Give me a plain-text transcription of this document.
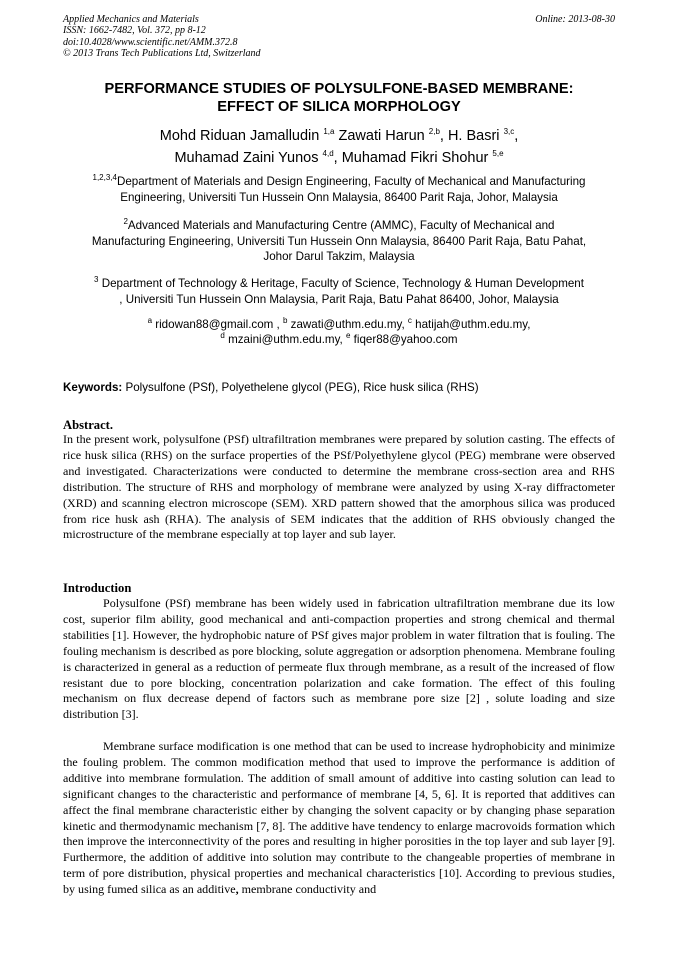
Applied Mechanics and Materials
ISSN: 1662-7482, Vol. 372, pp 8-12
doi:10.4028/www.scientific.net/AMM.372.8
© 2013 Trans Tech Publications Ltd, Switzerland
Online: 2013-08-30
PERFORMANCE STUDIES OF POLYSULFONE-BASED MEMBRANE:
EFFECT OF SILICA MORPHOLOGY
Mohd Riduan Jamalludin $^{1,a}$ Zawati Harun $^{2,b}$, H. Basri $^{3,c}$,
Muhamad Zaini Yunos $^{4,d}$, Muhamad Fikri Shohur $^{5,e}$
$^{1,2,3,4}$Department of Materials and Design Engineering, Faculty of Mechanical and Manufacturing
Engineering, Universiti Tun Hussein Onn Malaysia, 86400 Parit Raja, Johor, Malaysia
$^2$Advanced Materials and Manufacturing Centre (AMMC), Faculty of Mechanical and
Manufacturing Engineering, Universiti Tun Hussein Onn Malaysia, 86400 Parit Raja, Batu Pahat,
Johor Darul Takzim, Malaysia
$^3$ Department of Technology & Heritage, Faculty of Science, Technology & Human Development
, Universiti Tun Hussein Onn Malaysia, Parit Raja, Batu Pahat 86400, Johor, Malaysia
$^a$ ridowan88@gmail.com , $^b$ zawati@uthm.edu.my, $^c$ hatijah@uthm.edu.my,
$^d$ mzaini@uthm.edu.my, $^e$ fiqer88@yahoo.com
Keywords: Polysulfone (PSf), Polyethelene glycol (PEG), Rice husk silica (RHS)
Abstract.
In the present work, polysulfone (PSf) ultrafiltration membranes were prepared by solution casting. The effects of rice husk silica (RHS) on the surface properties of the PSf/Polyethylene glycol (PEG) membrane were observed and investigated. Characterizations were conducted to determine the membrane cross-section area and RHS distribution. The structure of RHS and morphology of membrane were analyzed by using X-ray diffractometer (XRD) and scanning electron microscope (SEM). XRD pattern showed that the amorphous silica was produced from rice husk ash (RHA). The analysis of SEM indicates that the addition of RHS obviously changed the microstructure of the membrane especially at top layer and sub layer.
Introduction
Polysulfone (PSf) membrane has been widely used in fabrication ultrafiltration membrane due its low cost, superior film ability, good mechanical and anti-compaction properties and strong chemical and thermal stabilities [1]. However, the hydrophobic nature of PSf gives major problem in water filtration that is fouling. The fouling mechanism is described as pore blocking, solute aggregation or adsorption phenomena. Membrane fouling is characterized in general as a reduction of permeate flux through membrane, as a result of the increased of flow resistant due to pore blocking, concentration polarization and cake formation. The effect of this fouling mechanism on flux decrease depend of factors such as membrane pore size [2] , solute loading and size distribution [3].
Membrane surface modification is one method that can be used to increase hydrophobicity and minimize the fouling problem. The common modification method that used to improve the performance is addition of additive into membrane formulation. The addition of small amount of additive into casting solution can lead to significant changes to the characteristic and performance of membrane [4, 5, 6]. It is reported that additives can affect the final membrane characteristic either by changing the solvent capacity or by changing phase separation kinetic and thermodynamic mechanism [7, 8]. The additive have tendency to enlarge macrovoids formation which then improve the interconnectivity of the pores and resulting in higher porosities in the top layer and sub layer [9]. Furthermore, the addition of additive into solution may contribute to the changeable properties of membrane in term of pore distribution, physical properties and mechanical characteristics [10]. According to previous studies, by using fumed silica as an additive, membrane conductivity and
